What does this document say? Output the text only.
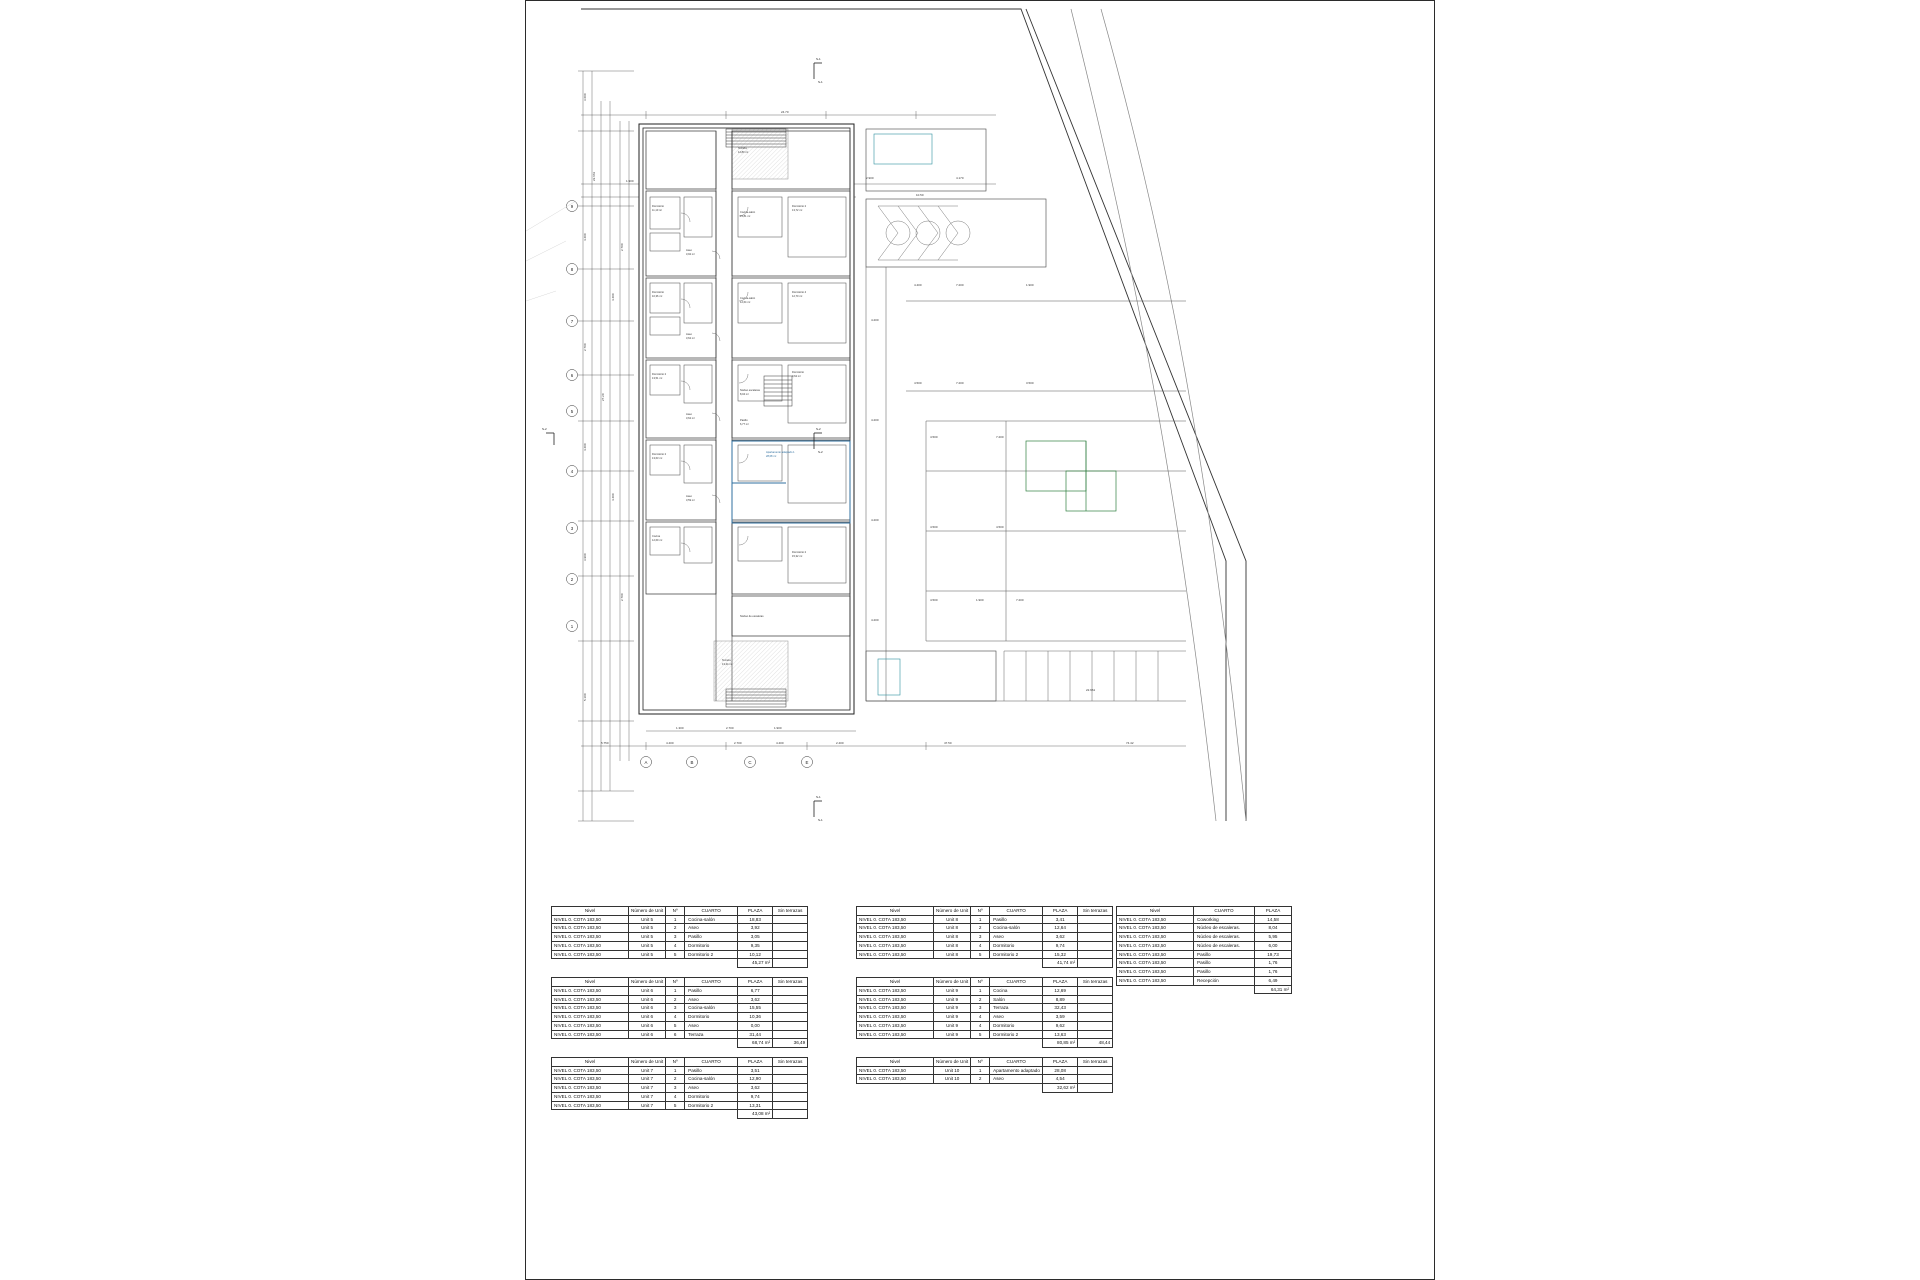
3.600
4.400
2.700
4.400
3.900
5.100
22.661
27.20
4.400
4.400
2.700
2.700
9
8
7
6
5
4
3
2
1
A	B	C	E
24.70
1.900
5.750	4.400	2.700	4.400	2.400	47.50	74.42
1.300	2.700	1.900
Apartamento adaptado 1
28,08 m²
Terraza
12,80 m²
Dormitorio
11,10 m²
Dormitorio 2
13,72 m²
Cocina-salón
15,81 m²
Dormitorio
10,36 m²
Cocina-salón
12,64 m²
Dormitorio 4
12,70 m²
Dormitorio 2
13,51 m²
Dormitorio
9,62 m²
Dormitorio 2
13,63 m²
Cocina
12,69 m²
Dormitorio 2
15,32 m²
Núcleo escaleras
8,04 m²
Pasillo
6,77 m²
Aseo
3,92 m²
Aseo
3,62 m²
Aseo
3,62 m²
Aseo
3,59 m²
Terraza
13,44 m²
Núcleo de escaleras
10.50
4.400	7.200	1.900
4.500	7.200	3.500
4.500	7.200
4.500	4.500
4.500	1.900	7.200
22.661
4.200
4.200
4.200
4.200
2.900	4.170
S-1
S-1
S-2
S-2
S-1
S-1
S-2
Nivel	Número de Unit	Nº	CUARTO	PLAZA	Sin terrazas
NIVEL 0. COTA 183,50	Unit 5	1	Cocina-salón	18,83	
NIVEL 0. COTA 183,50	Unit 5	2	Aseo	3,92	
NIVEL 0. COTA 183,50	Unit 5	3	Pasillo	3,05	
NIVEL 0. COTA 183,50	Unit 5	4	Dormitorio	9,35	
NIVEL 0. COTA 183,50	Unit 5	5	Dormitorio 2	10,12	
				45,27 m²	
Nivel	Número de Unit	Nº	CUARTO	PLAZA	Sin terrazas
NIVEL 0. COTA 183,50	Unit 6	1	Pasillo	6,77	
NIVEL 0. COTA 183,50	Unit 6	2	Aseo	3,62	
NIVEL 0. COTA 183,50	Unit 6	3	Cocina-salón	15,55	
NIVEL 0. COTA 183,50	Unit 6	4	Dormitorio	10,36	
NIVEL 0. COTA 183,50	Unit 6	5	Aseo	0,00	
NIVEL 0. COTA 183,50	Unit 6	6	Terraza	31,44	
				68,74 m²	36,49
Nivel	Número de Unit	Nº	CUARTO	PLAZA	Sin terrazas
NIVEL 0. COTA 183,50	Unit 7	1	Pasillo	3,51	
NIVEL 0. COTA 183,50	Unit 7	2	Cocina-salón	12,90	
NIVEL 0. COTA 183,50	Unit 7	3	Aseo	3,62	
NIVEL 0. COTA 183,50	Unit 7	4	Dormitorio	9,74	
NIVEL 0. COTA 183,50	Unit 7	5	Dormitorio 2	13,31	
				43,08 m²	
Nivel	Número de Unit	Nº	CUARTO	PLAZA	Sin terrazas
NIVEL 0. COTA 183,50	Unit 8	1	Pasillo	3,41	
NIVEL 0. COTA 183,50	Unit 8	2	Cocina-salón	12,64	
NIVEL 0. COTA 183,50	Unit 8	3	Aseo	3,62	
NIVEL 0. COTA 183,50	Unit 8	4	Dormitorio	9,74	
NIVEL 0. COTA 183,50	Unit 8	5	Dormitorio 2	15,32	
				41,74 m²	
Nivel	Número de Unit	Nº	CUARTO	PLAZA	Sin terrazas
NIVEL 0. COTA 183,50	Unit 9	1	Cocina	12,69	
NIVEL 0. COTA 183,50	Unit 9	2	Salón	8,89	
NIVEL 0. COTA 183,50	Unit 9	3	Terraza	32,43	
NIVEL 0. COTA 183,50	Unit 9	4	Aseo	3,59	
NIVEL 0. COTA 183,50	Unit 9	4	Dormitorio	9,62	
NIVEL 0. COTA 183,50	Unit 9	5	Dormitorio 2	13,63	
				80,85 m²	48,44
Nivel	Número de Unit	Nº	CUARTO	PLAZA	Sin terrazas
NIVEL 0. COTA 183,50	Unit 10	1	Apartamento adaptado	28,08	
NIVEL 0. COTA 183,50	Unit 10	2	Aseo	4,54	
				32,62 m²	
Nivel	CUARTO	PLAZA
NIVEL 0. COTA 183,50	Coworking	14,58
NIVEL 0. COTA 183,50	Núcleo de escaleras.	8,04
NIVEL 0. COTA 183,50	Núcleo de escaleras.	5,95
NIVEL 0. COTA 183,50	Núcleo de escaleras.	6,00
NIVEL 0. COTA 183,50	Pasillo	19,73
NIVEL 0. COTA 183,50	Pasillo	1,76
NIVEL 0. COTA 183,50	Pasillo	1,76
NIVEL 0. COTA 183,50	Recepción	6,49
		64,31 m²
